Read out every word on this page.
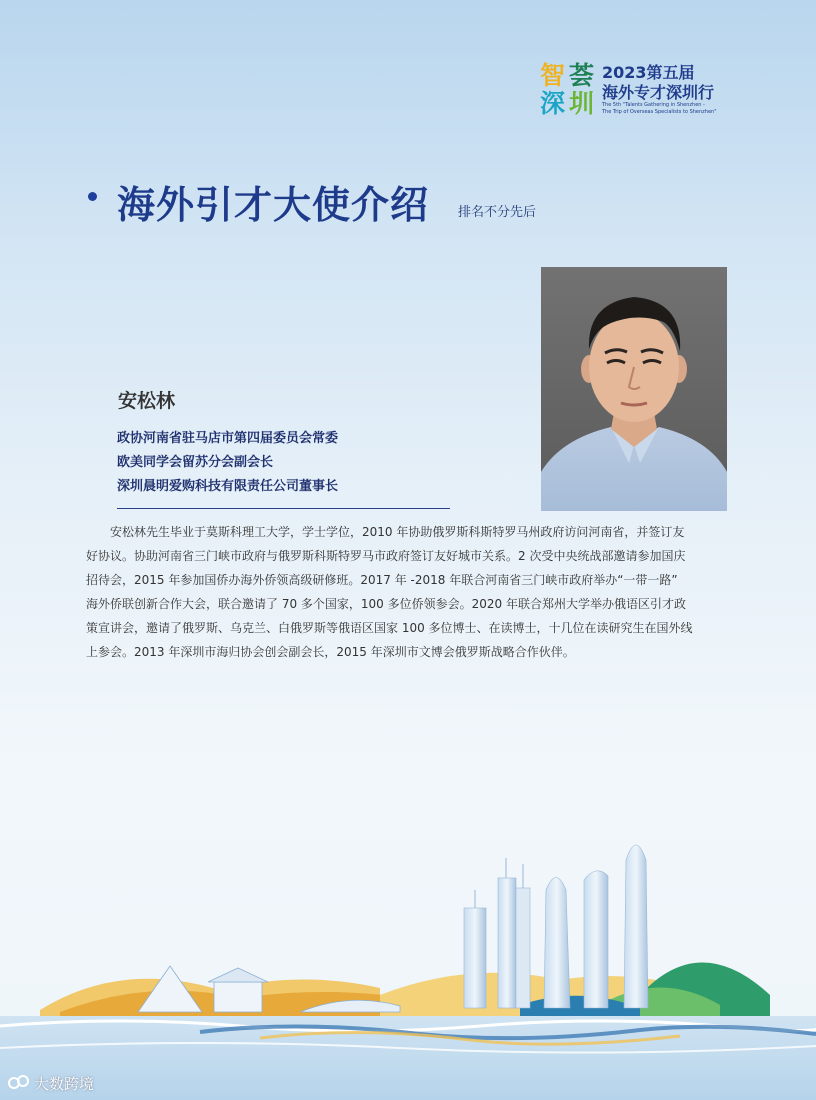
智 荟
深 圳
2023第五届
海外专才深圳行
The 5th "Talents Gathering in Shenzhen -
The Trip of Overseas Specialists to Shenzhen"
海外引才大使介绍 排名不分先后
安松林
政协河南省驻马店市第四届委员会常委
欧美同学会留苏分会副会长
深圳晨明爱购科技有限责任公司董事长
　　安松林先生毕业于莫斯科理工大学，学士学位，2010 年协助俄罗斯科斯特罗马州政府访问河南省，并签订友
好协议。协助河南省三门峡市政府与俄罗斯科斯特罗马市政府签订友好城市关系。2 次受中央统战部邀请参加国庆
招待会，2015 年参加国侨办海外侨领高级研修班。2017 年 -2018 年联合河南省三门峡市政府举办“一带一路”
海外侨联创新合作大会，联合邀请了 70 多个国家，100 多位侨领参会。2020 年联合郑州大学举办俄语区引才政
策宣讲会，邀请了俄罗斯、乌克兰、白俄罗斯等俄语区国家 100 多位博士、在读博士，十几位在读研究生在国外线
上参会。2013 年深圳市海归协会创会副会长，2015 年深圳市文博会俄罗斯战略合作伙伴。
大数跨境
